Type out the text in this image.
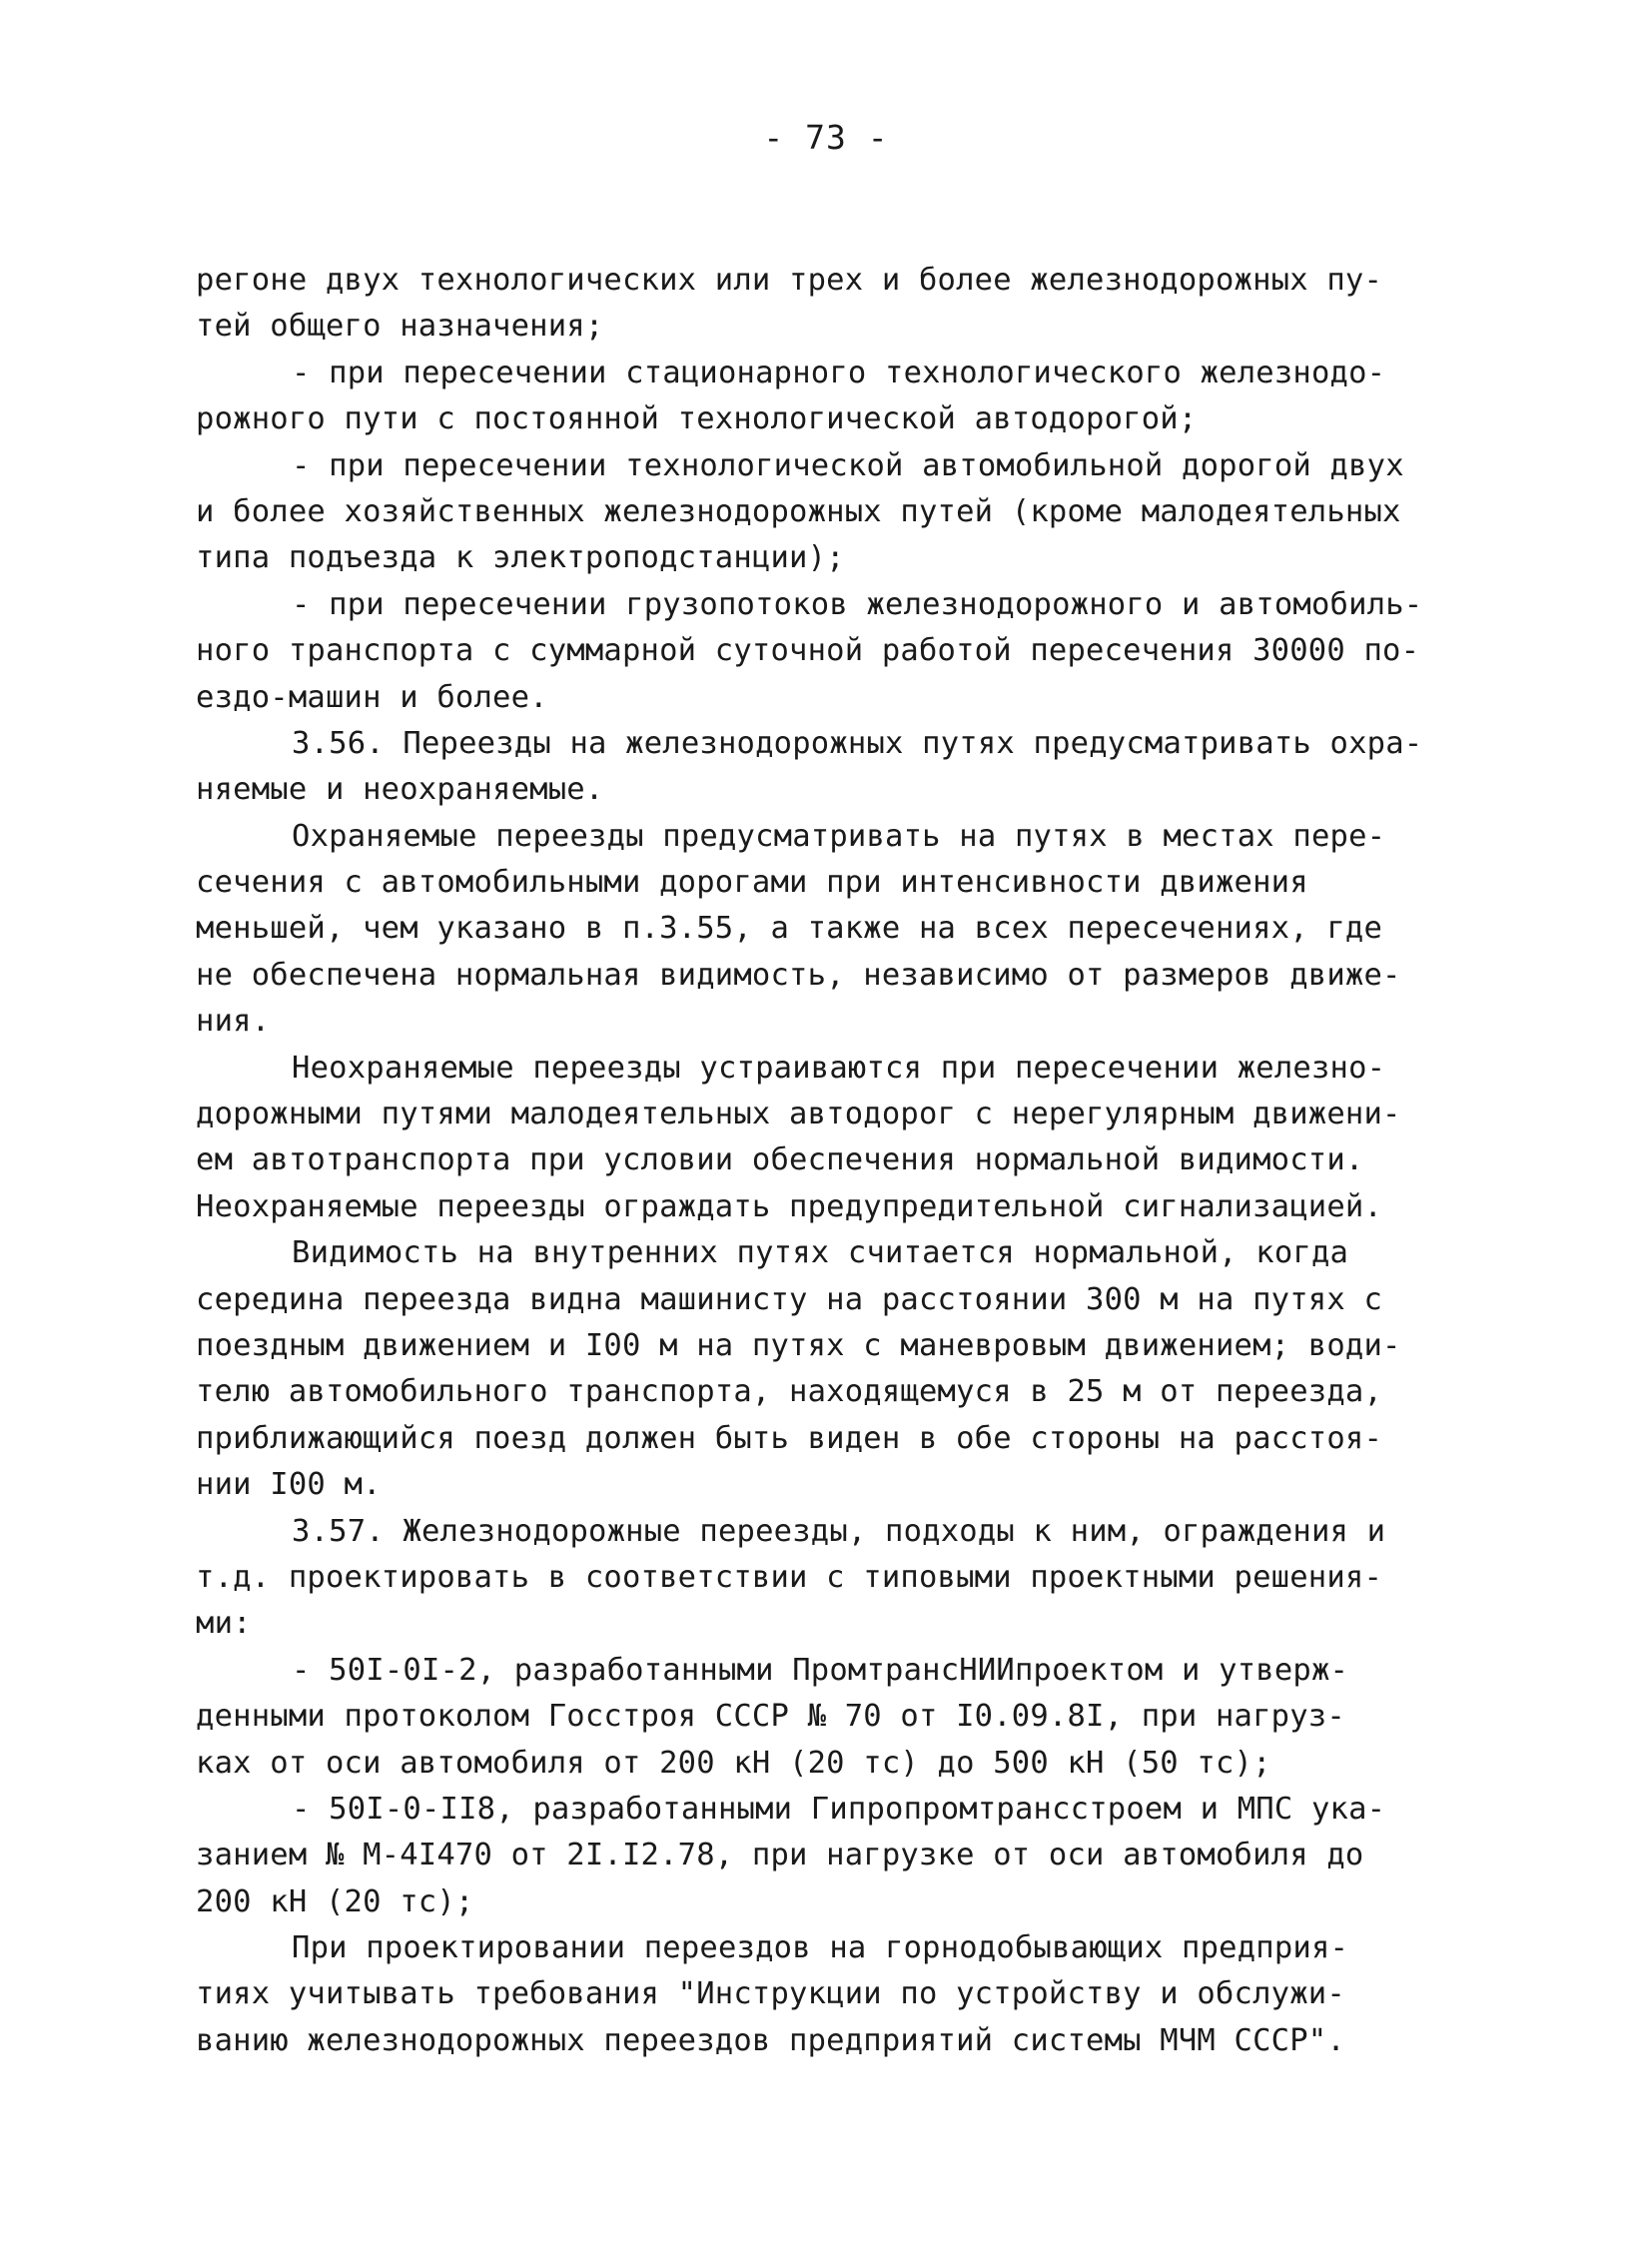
- 73 -
регоне двух технологических или трех и более железнодорожных пу-
тей общего назначения;
- при пересечении стационарного технологического железнодо-
рожного пути с постоянной технологической автодорогой;
- при пересечении технологической автомобильной дорогой двух
и более хозяйственных железнодорожных путей (кроме малодеятельных
типа подъезда к электроподстанции);
- при пересечении грузопотоков железнодорожного и автомобиль-
ного транспорта с суммарной суточной работой пересечения 30000 по-
ездо-машин и более.
3.56. Переезды на железнодорожных путях предусматривать охра-
няемые и неохраняемые.
Охраняемые переезды предусматривать на путях в местах пере-
сечения с автомобильными дорогами при интенсивности движения
меньшей, чем указано в п.3.55, а также на всех пересечениях, где
не обеспечена нормальная видимость, независимо от размеров движе-
ния.
Неохраняемые переезды устраиваются при пересечении железно-
дорожными путями малодеятельных автодорог с нерегулярным движени-
ем автотранспорта при условии обеспечения нормальной видимости.
Неохраняемые переезды ограждать предупредительной сигнализацией.
Видимость на внутренних путях считается нормальной, когда
середина переезда видна машинисту на расстоянии 300 м на путях с
поездным движением и I00 м на путях с маневровым движением; води-
телю автомобильного транспорта, находящемуся в 25 м от переезда,
приближающийся поезд должен быть виден в обе стороны на расстоя-
нии I00 м.
3.57. Железнодорожные переезды, подходы к ним, ограждения и
т.д. проектировать в соответствии с типовыми проектными решения-
ми:
- 50I-0I-2, разработанными ПромтрансНИИпроектом и утверж-
денными протоколом Госстроя СССР № 70 от I0.09.8I, при нагруз-
ках от оси автомобиля от 200 кН (20 тс) до 500 кН (50 тс);
- 50I-0-II8, разработанными Гипропромтрансстроем и МПС ука-
занием № М-4I470 от 2I.I2.78, при нагрузке от оси автомобиля до
200 кН (20 тс);
При проектировании переездов на горнодобывающих предприя-
тиях учитывать требования "Инструкции по устройству и обслужи-
ванию железнодорожных переездов предприятий системы МЧМ СССР".
